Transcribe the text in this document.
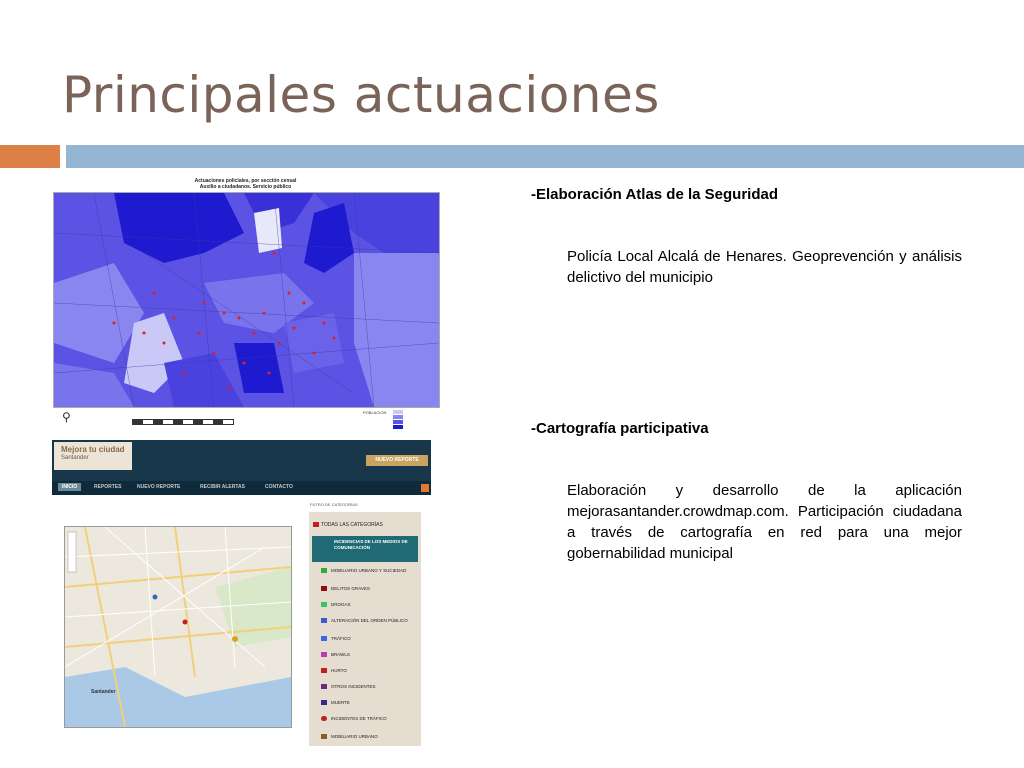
Principales actuaciones
Actuaciones policiales, por sección censal
Auxilio a ciudadanos. Servicio público
⚲	POBLACIÓN
Mejora tu ciudad
Santander	NUEVO REPORTE
INICIO	REPORTES	NUEVO REPORTE	RECIBIR ALERTAS	CONTACTO
FILTRO DE CATEGORÍAS
Santander
TODAS LAS CATEGORÍAS
INCIDENCIAS DE LOS MEDIOS DE COMUNICACIÓN
MOBILIARIO URBANO Y SUCIEDAD
DELITOS GRAVES
DROGAS
ALTERACIÓN DEL ORDEN PÚBLICO
TRÁFICO
BRAWLS
HURTO
OTROS INCIDENTES
MUERTE
INCIDENTES DE TRÁFICO
MOBILIARIO URBANO
-Elaboración Atlas de la Seguridad
Policía Local Alcalá de Henares. Geoprevención y análisis delictivo del municipio
-Cartografía participativa
Elaboración y desarrollo de la aplicación mejorasantander.crowdmap.com. Participación ciudadana a través de cartografía en red para una mejor gobernabilidad municipal
